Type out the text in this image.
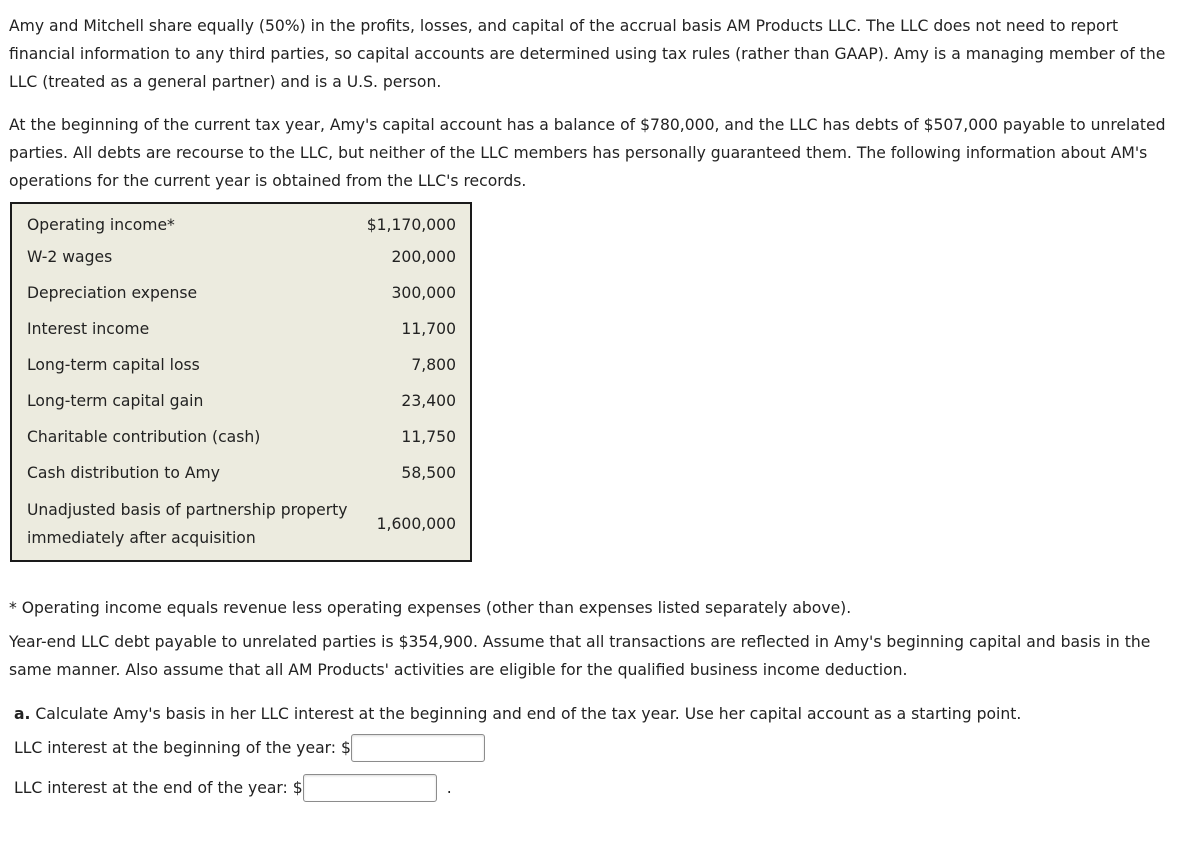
Amy and Mitchell share equally (50%) in the profits, losses, and capital of the accrual basis AM Products LLC. The LLC does not need to report financial information to any third parties, so capital accounts are determined using tax rules (rather than GAAP). Amy is a managing member of the LLC (treated as a general partner) and is a U.S. person.

At the beginning of the current tax year, Amy's capital account has a balance of $780,000, and the LLC has debts of $507,000 payable to unrelated parties. All debts are recourse to the LLC, but neither of the LLC members has personally guaranteed them. The following information about AM's operations for the current year is obtained from the LLC's records.

Operating income*	$1,170,000
W-2 wages	200,000
Depreciation expense	300,000
Interest income	11,700
Long-term capital loss	7,800
Long-term capital gain	23,400
Charitable contribution (cash)	11,750
Cash distribution to Amy	58,500
Unadjusted basis of partnership property
immediately after acquisition	1,600,000

* Operating income equals revenue less operating expenses (other than expenses listed separately above).

Year-end LLC debt payable to unrelated parties is $354,900. Assume that all transactions are reflected in Amy's beginning capital and basis in the same manner. Also assume that all AM Products' activities are eligible for the qualified business income deduction.

a. Calculate Amy's basis in her LLC interest at the beginning and end of the tax year. Use her capital account as a starting point.

LLC interest at the beginning of the year: $
LLC interest at the end of the year: $	.
